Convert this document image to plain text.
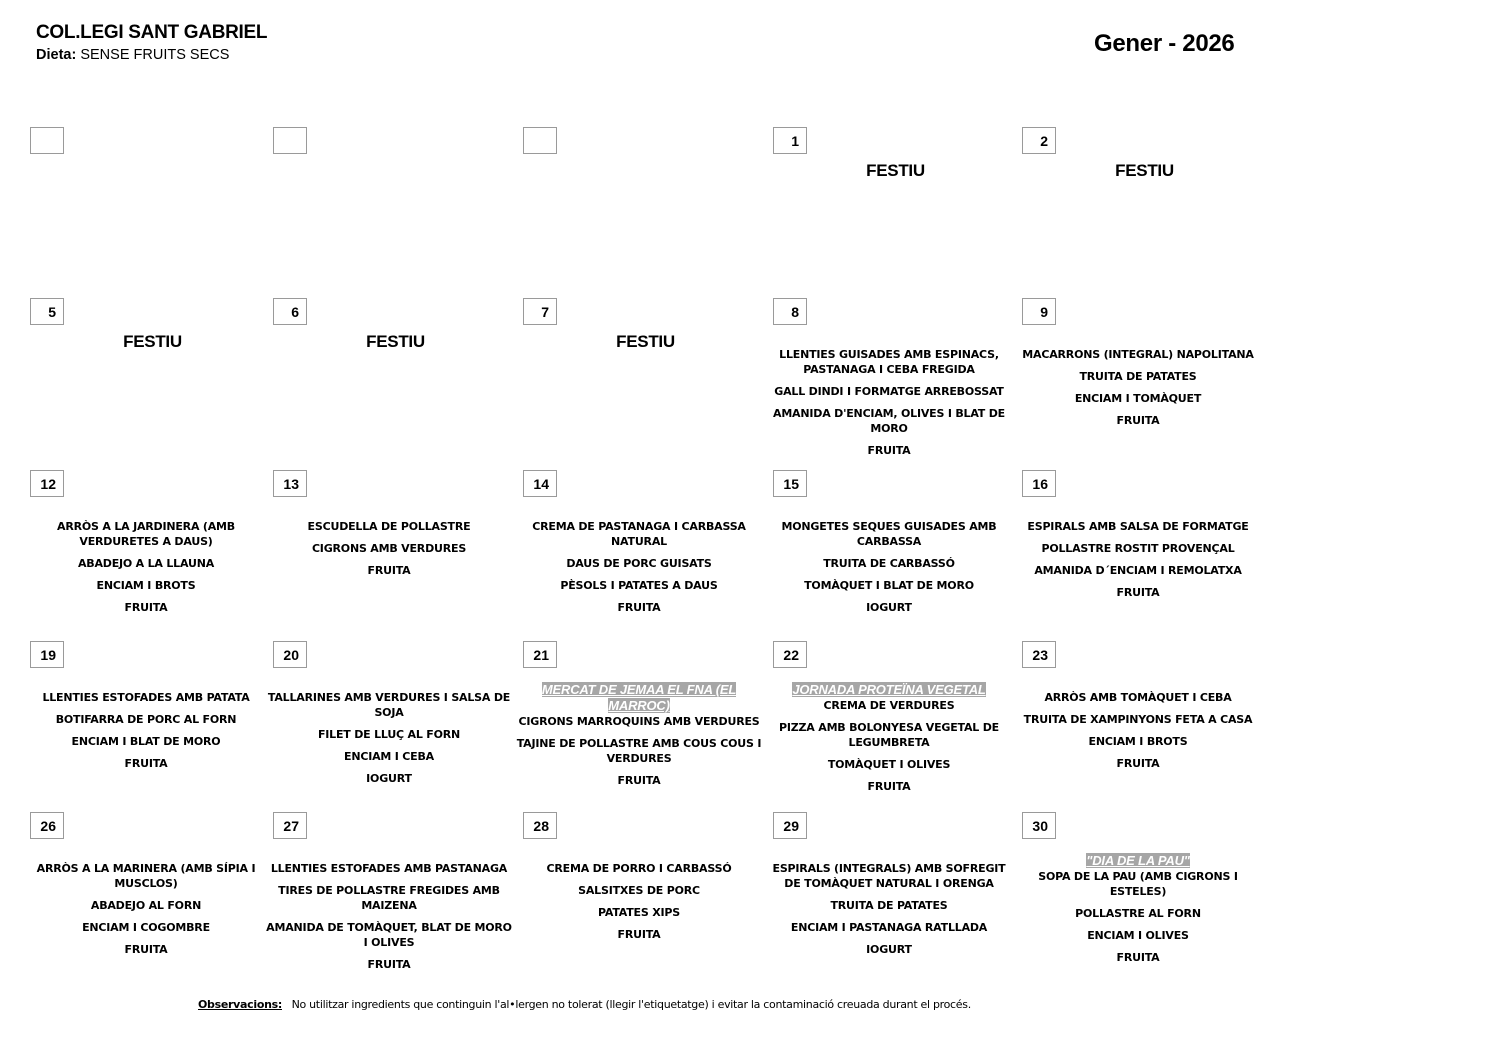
COL.LEGI SANT GABRIEL
Dieta: SENSE FRUITS SECS	Gener - 2026
1
FESTIU
2
FESTIU
5
FESTIU
6
FESTIU
7
FESTIU
8
LLENTIES GUISADES AMB ESPINACS, PASTANAGA I CEBA FREGIDA
GALL DINDI I FORMATGE ARREBOSSAT
AMANIDA D'ENCIAM, OLIVES I BLAT DE MORO
FRUITA
9
MACARRONS (INTEGRAL) NAPOLITANA
TRUITA DE PATATES
ENCIAM I TOMÀQUET
FRUITA
12
ARRÒS A LA JARDINERA (AMB VERDURETES A DAUS)
ABADEJO A LA LLAUNA
ENCIAM I BROTS
FRUITA
13
ESCUDELLA DE POLLASTRE
CIGRONS AMB VERDURES
FRUITA
14
CREMA DE PASTANAGA I CARBASSA NATURAL
DAUS DE PORC GUISATS
PÈSOLS I PATATES A DAUS
FRUITA
15
MONGETES SEQUES GUISADES AMB CARBASSA
TRUITA DE CARBASSÓ
TOMÀQUET I BLAT DE MORO
IOGURT
16
ESPIRALS AMB SALSA DE FORMATGE
POLLASTRE ROSTIT PROVENÇAL
AMANIDA D´ENCIAM I REMOLATXA
FRUITA
19
LLENTIES ESTOFADES AMB PATATA
BOTIFARRA DE PORC AL FORN
ENCIAM I BLAT DE MORO
FRUITA
20
TALLARINES AMB VERDURES I SALSA DE SOJA
FILET DE LLUÇ AL FORN
ENCIAM I CEBA
IOGURT
21
MERCAT DE JEMAA EL FNA (EL MARROC)
CIGRONS MARROQUINS AMB VERDURES
TAJINE DE POLLASTRE AMB COUS COUS I VERDURES
FRUITA
22
JORNADA PROTEÏNA VEGETAL
CREMA DE VERDURES
PIZZA AMB BOLONYESA VEGETAL DE LEGUMBRETA
TOMÀQUET I OLIVES
FRUITA
23
ARRÒS AMB TOMÀQUET I CEBA
TRUITA DE XAMPINYONS FETA A CASA
ENCIAM I BROTS
FRUITA
26
ARRÒS A LA MARINERA (AMB SÍPIA I MUSCLOS)
ABADEJO AL FORN
ENCIAM I COGOMBRE
FRUITA
27
LLENTIES ESTOFADES AMB PASTANAGA
TIRES DE POLLASTRE FREGIDES AMB MAIZENA
AMANIDA DE TOMÀQUET, BLAT DE MORO I OLIVES
FRUITA
28
CREMA DE PORRO I CARBASSÓ
SALSITXES DE PORC
PATATES XIPS
FRUITA
29
ESPIRALS (INTEGRALS) AMB SOFREGIT DE TOMÀQUET NATURAL I ORENGA
TRUITA DE PATATES
ENCIAM I PASTANAGA RATLLADA
IOGURT
30
"DIA DE LA PAU"
SOPA DE LA PAU (AMB CIGRONS I ESTELES)
POLLASTRE AL FORN
ENCIAM I OLIVES
FRUITA
Observacions: No utilitzar ingredients que continguin l'al•lergen no tolerat (llegir l'etiquetatge) i evitar la contaminació creuada durant el procés.
